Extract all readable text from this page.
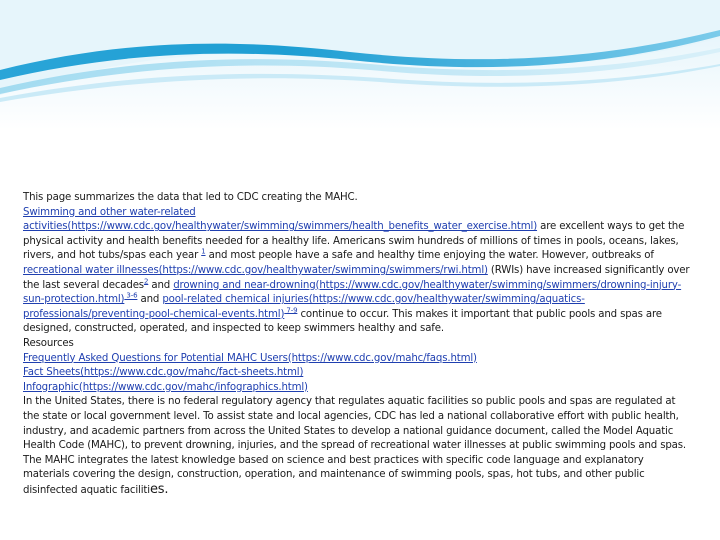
This page summarizes the data that led to CDC creating the MAHC.

Swimming and other water-related activities(https://www.cdc.gov/healthywater/swimming/swimmers/health_benefits_water_exercise.html) are excellent ways to get the physical activity and health benefits needed for a healthy life. Americans swim hundreds of millions of times in pools, oceans, lakes, rivers, and hot tubs/spas each year $^1$ and most people have a safe and healthy time enjoying the water. However, outbreaks of recreational water illnesses(https://www.cdc.gov/healthywater/swimming/swimmers/rwi.html) (RWIs) have increased significantly over the last several decades$^2$ and drowning and near-drowning(https://www.cdc.gov/healthywater/swimming/swimmers/drowning-injury-sun-protection.html) $^{3-6}$ and pool-related chemical injuries(https://www.cdc.gov/healthywater/swimming/aquatics-professionals/preventing-pool-chemical-events.html) $^{7-9}$ continue to occur. This makes it important that public pools and spas are designed, constructed, operated, and inspected to keep swimmers healthy and safe.

Resources

Frequently Asked Questions for Potential MAHC Users(https://www.cdc.gov/mahc/faqs.html)

Fact Sheets(https://www.cdc.gov/mahc/fact-sheets.html)

Infographic(https://www.cdc.gov/mahc/infographics.html)

In the United States, there is no federal regulatory agency that regulates aquatic facilities so public pools and spas are regulated at the state or local government level. To assist state and local agencies, CDC has led a national collaborative effort with public health, industry, and academic partners from across the United States to develop a national guidance document, called the Model Aquatic Health Code (MAHC), to prevent drowning, injuries, and the spread of recreational water illnesses at public swimming pools and spas. The MAHC integrates the latest knowledge based on science and best practices with specific code language and explanatory materials covering the design, construction, operation, and maintenance of swimming pools, spas, hot tubs, and other public disinfected aquatic facilities.
